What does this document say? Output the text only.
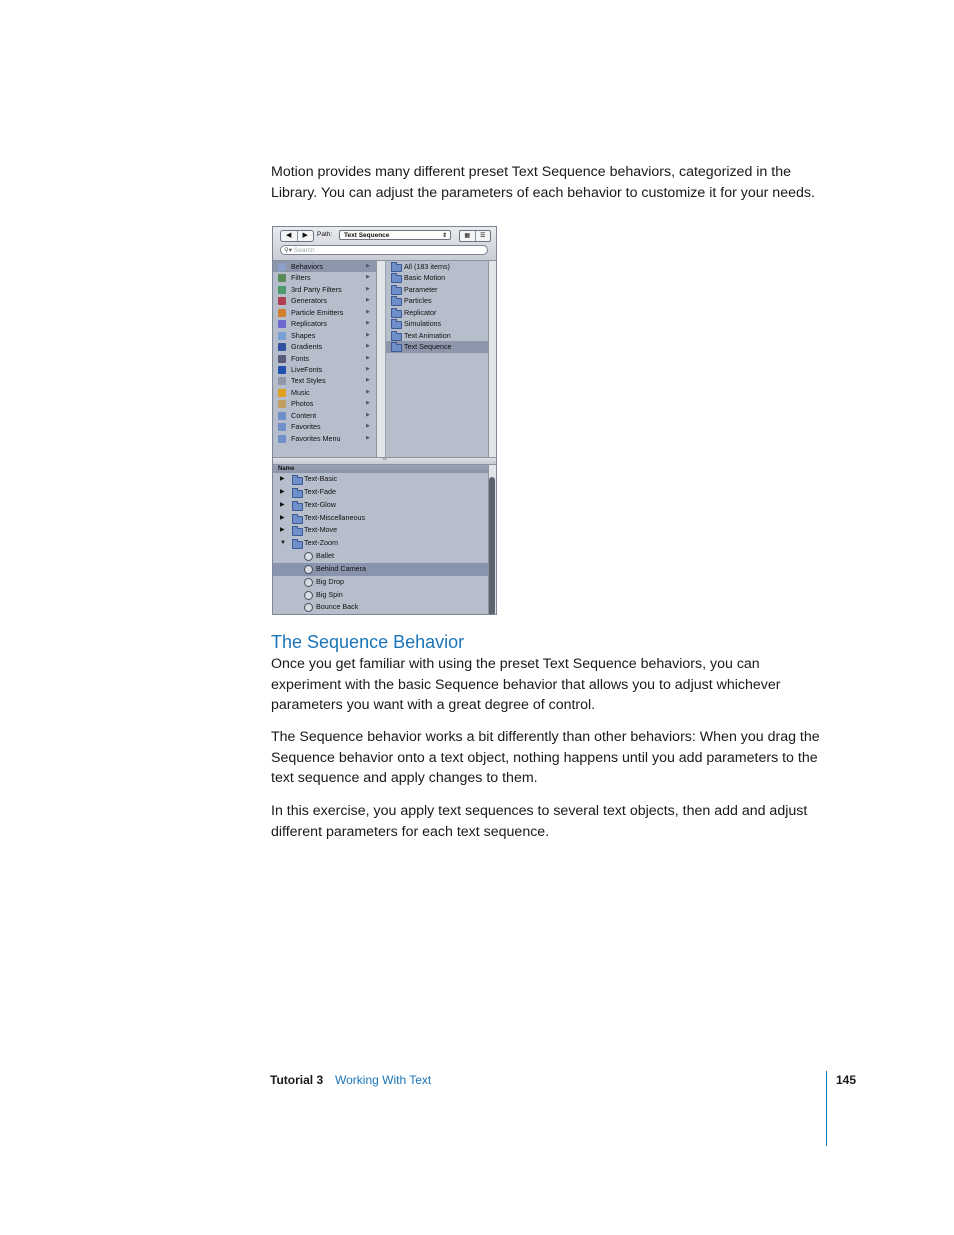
Motion provides many different preset Text Sequence behaviors, categorized in the Library. You can adjust the parameters of each behavior to customize it for your needs.

◀	▶	Path:	Text Sequence	⇕	▦	☰
⚲▾ Search
Behaviors	▶
Filters	▶
3rd Party Filters	▶
Generators	▶
Particle Emitters	▶
Replicators	▶
Shapes	▶
Gradients	▶
Fonts	▶
LiveFonts	▶
Text Styles	▶
Music	▶
Photos	▶
Content	▶
Favorites	▶
Favorites Menu	▶
All (183 items)
Basic Motion
Parameter
Particles
Replicator
Simulations
Text Animation
Text Sequence
═
Name
▶	Text-Basic
▶	Text-Fade
▶	Text-Glow
▶	Text-Miscellaneous
▶	Text-Move
▼	Text-Zoom
Ballet
Behind Camera
Big Drop
Big Spin
Bounce Back
The Sequence Behavior

Once you get familiar with using the preset Text Sequence behaviors, you can experiment with the basic Sequence behavior that allows you to adjust whichever parameters you want with a great degree of control.

The Sequence behavior works a bit differently than other behaviors: When you drag the Sequence behavior onto a text object, nothing happens until you add parameters to the text sequence and apply changes to them.

In this exercise, you apply text sequences to several text objects, then add and adjust different parameters for each text sequence.

Tutorial 3 Working With Text	145
